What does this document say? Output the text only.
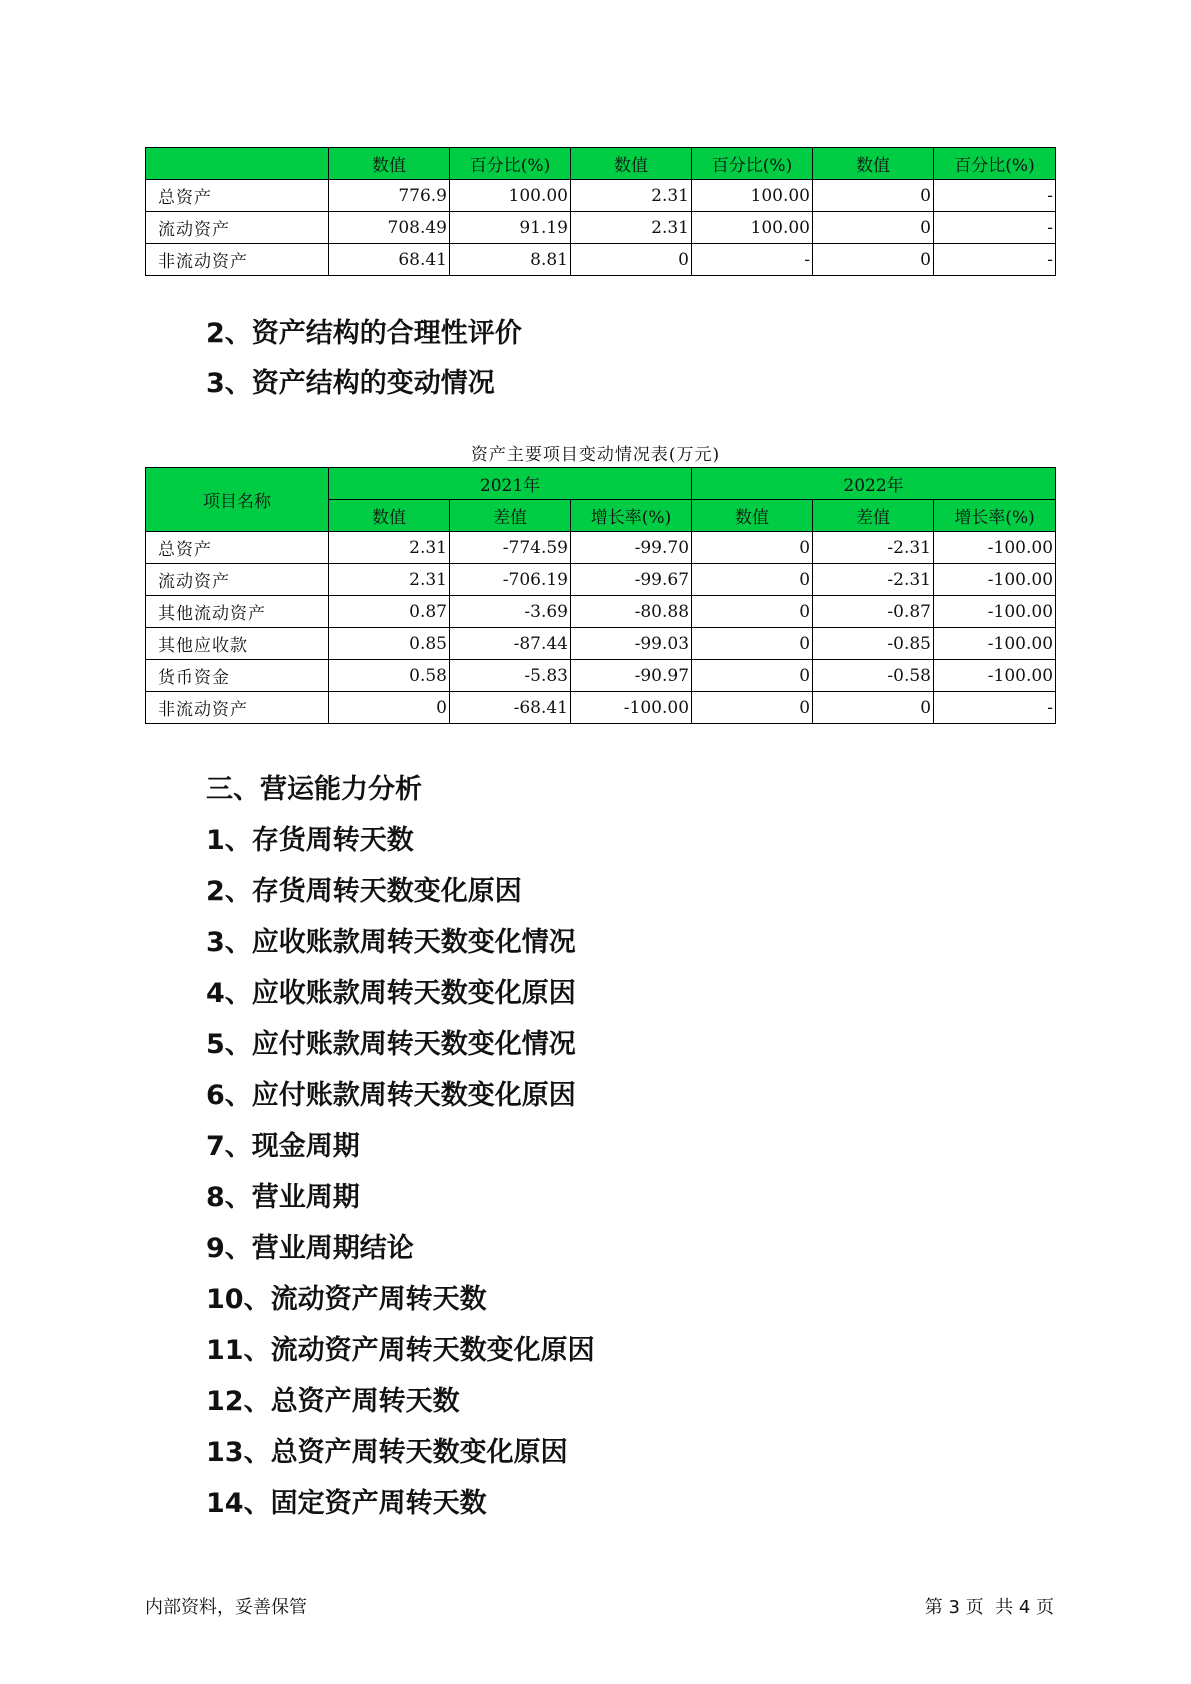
	数值	百分比(%)	数值	百分比(%)	数值	百分比(%)
总资产	776.9	100.00	2.31	100.00	0	-
流动资产	708.49	91.19	2.31	100.00	0	-
非流动资产	68.41	8.81	0	-	0	-
2、资产结构的合理性评价
3、资产结构的变动情况

资产主要项目变动情况表(万元)

项目名称	2021年			2022年		
	数值	差值	增长率(%)	数值	差值	增长率(%)
总资产	2.31	-774.59	-99.70	0	-2.31	-100.00
流动资产	2.31	-706.19	-99.67	0	-2.31	-100.00
其他流动资产	0.87	-3.69	-80.88	0	-0.87	-100.00
其他应收款	0.85	-87.44	-99.03	0	-0.85	-100.00
货币资金	0.58	-5.83	-90.97	0	-0.58	-100.00
非流动资产	0	-68.41	-100.00	0	0	-
三、营运能力分析
1、存货周转天数
2、存货周转天数变化原因
3、应收账款周转天数变化情况
4、应收账款周转天数变化原因
5、应付账款周转天数变化情况
6、应付账款周转天数变化原因
7、现金周期
8、营业周期
9、营业周期结论
10、流动资产周转天数
11、流动资产周转天数变化原因
12、总资产周转天数
13、总资产周转天数变化原因
14、固定资产周转天数
内部资料，妥善保管	第 3 页  共 4 页
